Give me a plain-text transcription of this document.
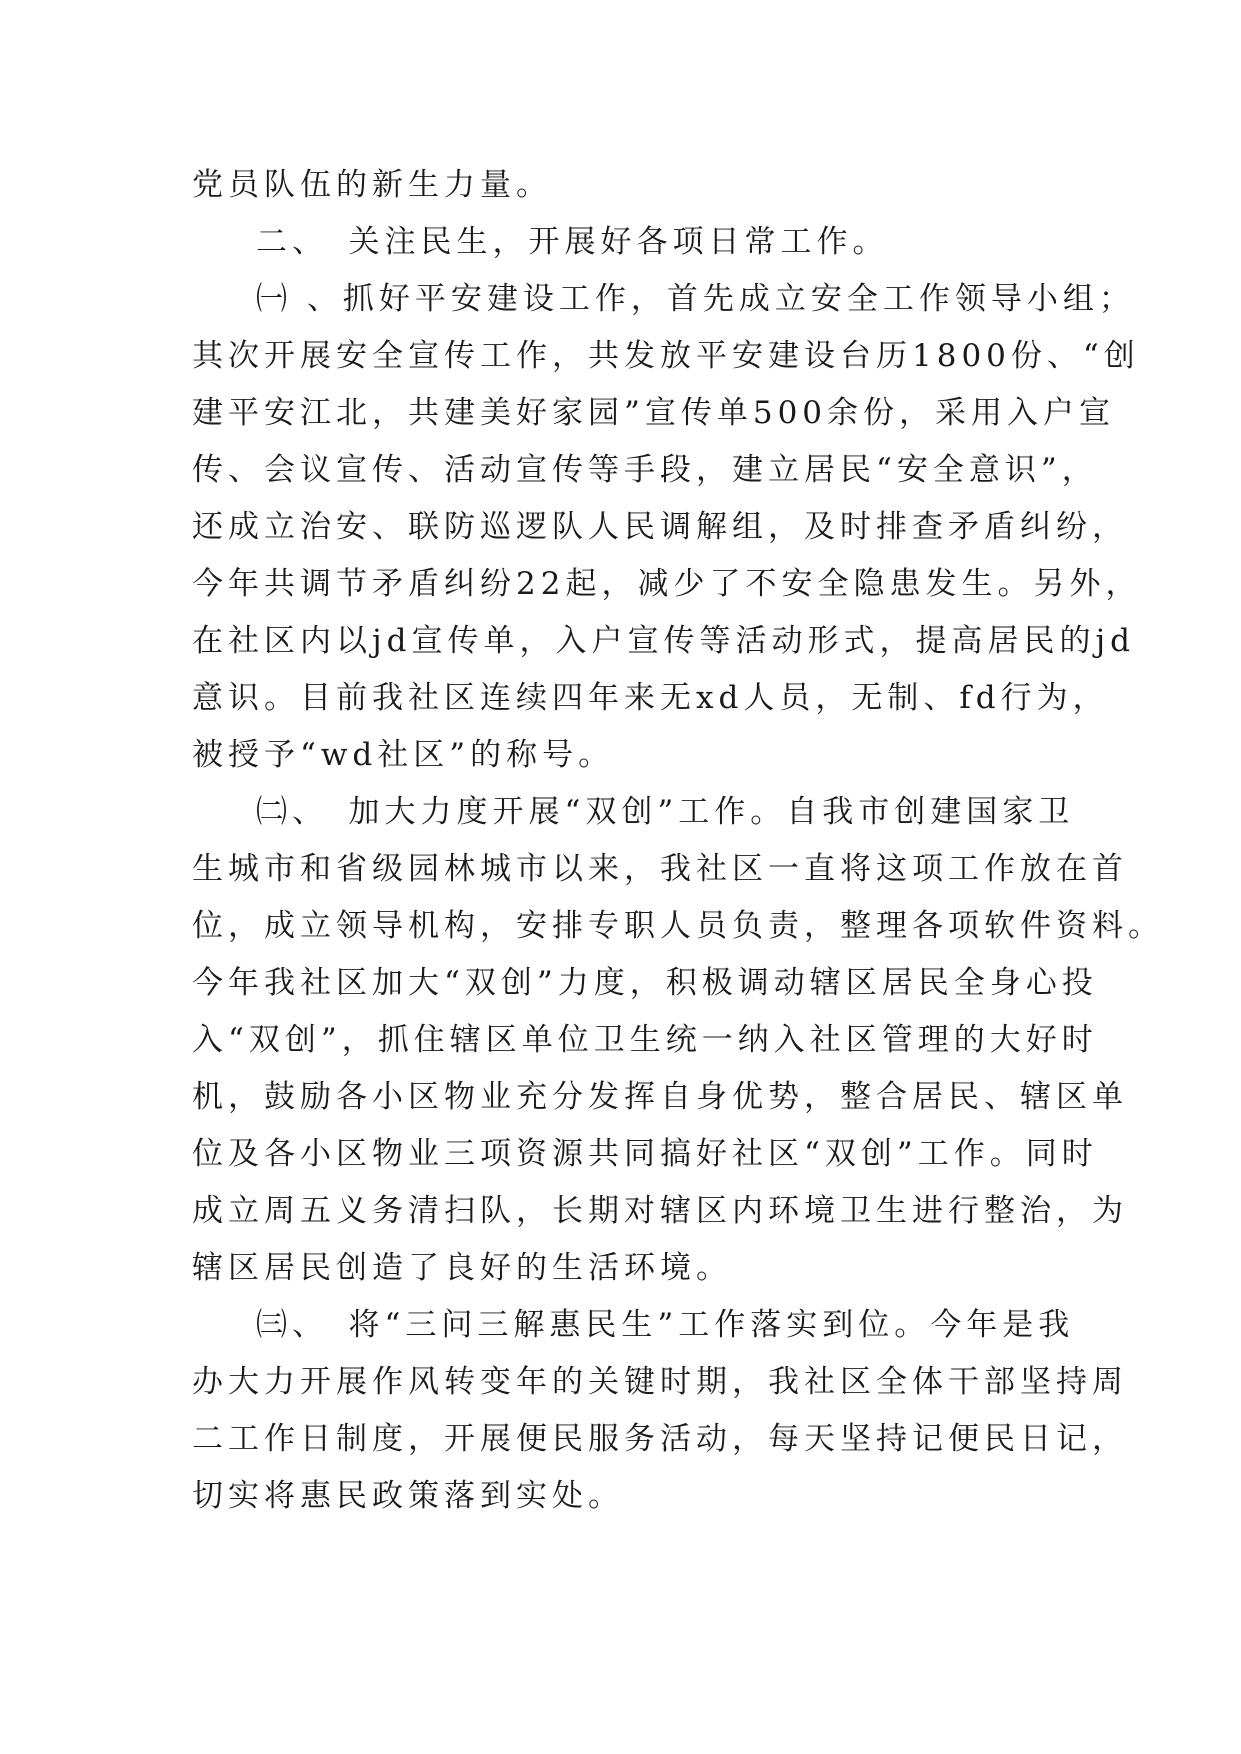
党员队伍的新生力量。
二、　关注民生，开展好各项日常工作。
㈠ 、抓好平安建设工作，首先成立安全工作领导小组；
其次开展安全宣传工作，共发放平安建设台历1800份、“创
建平安江北，共建美好家园”宣传单500余份，采用入户宣
传、会议宣传、活动宣传等手段，建立居民“安全意识”，
还成立治安、联防巡逻队人民调解组，及时排查矛盾纠纷，
今年共调节矛盾纠纷22起，减少了不安全隐患发生。另外，
在社区内以jd宣传单，入户宣传等活动形式，提高居民的jd
意识。目前我社区连续四年来无xd人员，无制、fd行为，
被授予“wd社区”的称号。
㈡、　加大力度开展“双创”工作。自我市创建国家卫
生城市和省级园林城市以来，我社区一直将这项工作放在首
位，成立领导机构，安排专职人员负责，整理各项软件资料。
今年我社区加大“双创”力度，积极调动辖区居民全身心投
入“双创”，抓住辖区单位卫生统一纳入社区管理的大好时
机，鼓励各小区物业充分发挥自身优势，整合居民、辖区单
位及各小区物业三项资源共同搞好社区“双创”工作。同时
成立周五义务清扫队，长期对辖区内环境卫生进行整治，为
辖区居民创造了良好的生活环境。
㈢、　将“三问三解惠民生”工作落实到位。今年是我
办大力开展作风转变年的关键时期，我社区全体干部坚持周
二工作日制度，开展便民服务活动，每天坚持记便民日记，
切实将惠民政策落到实处。
